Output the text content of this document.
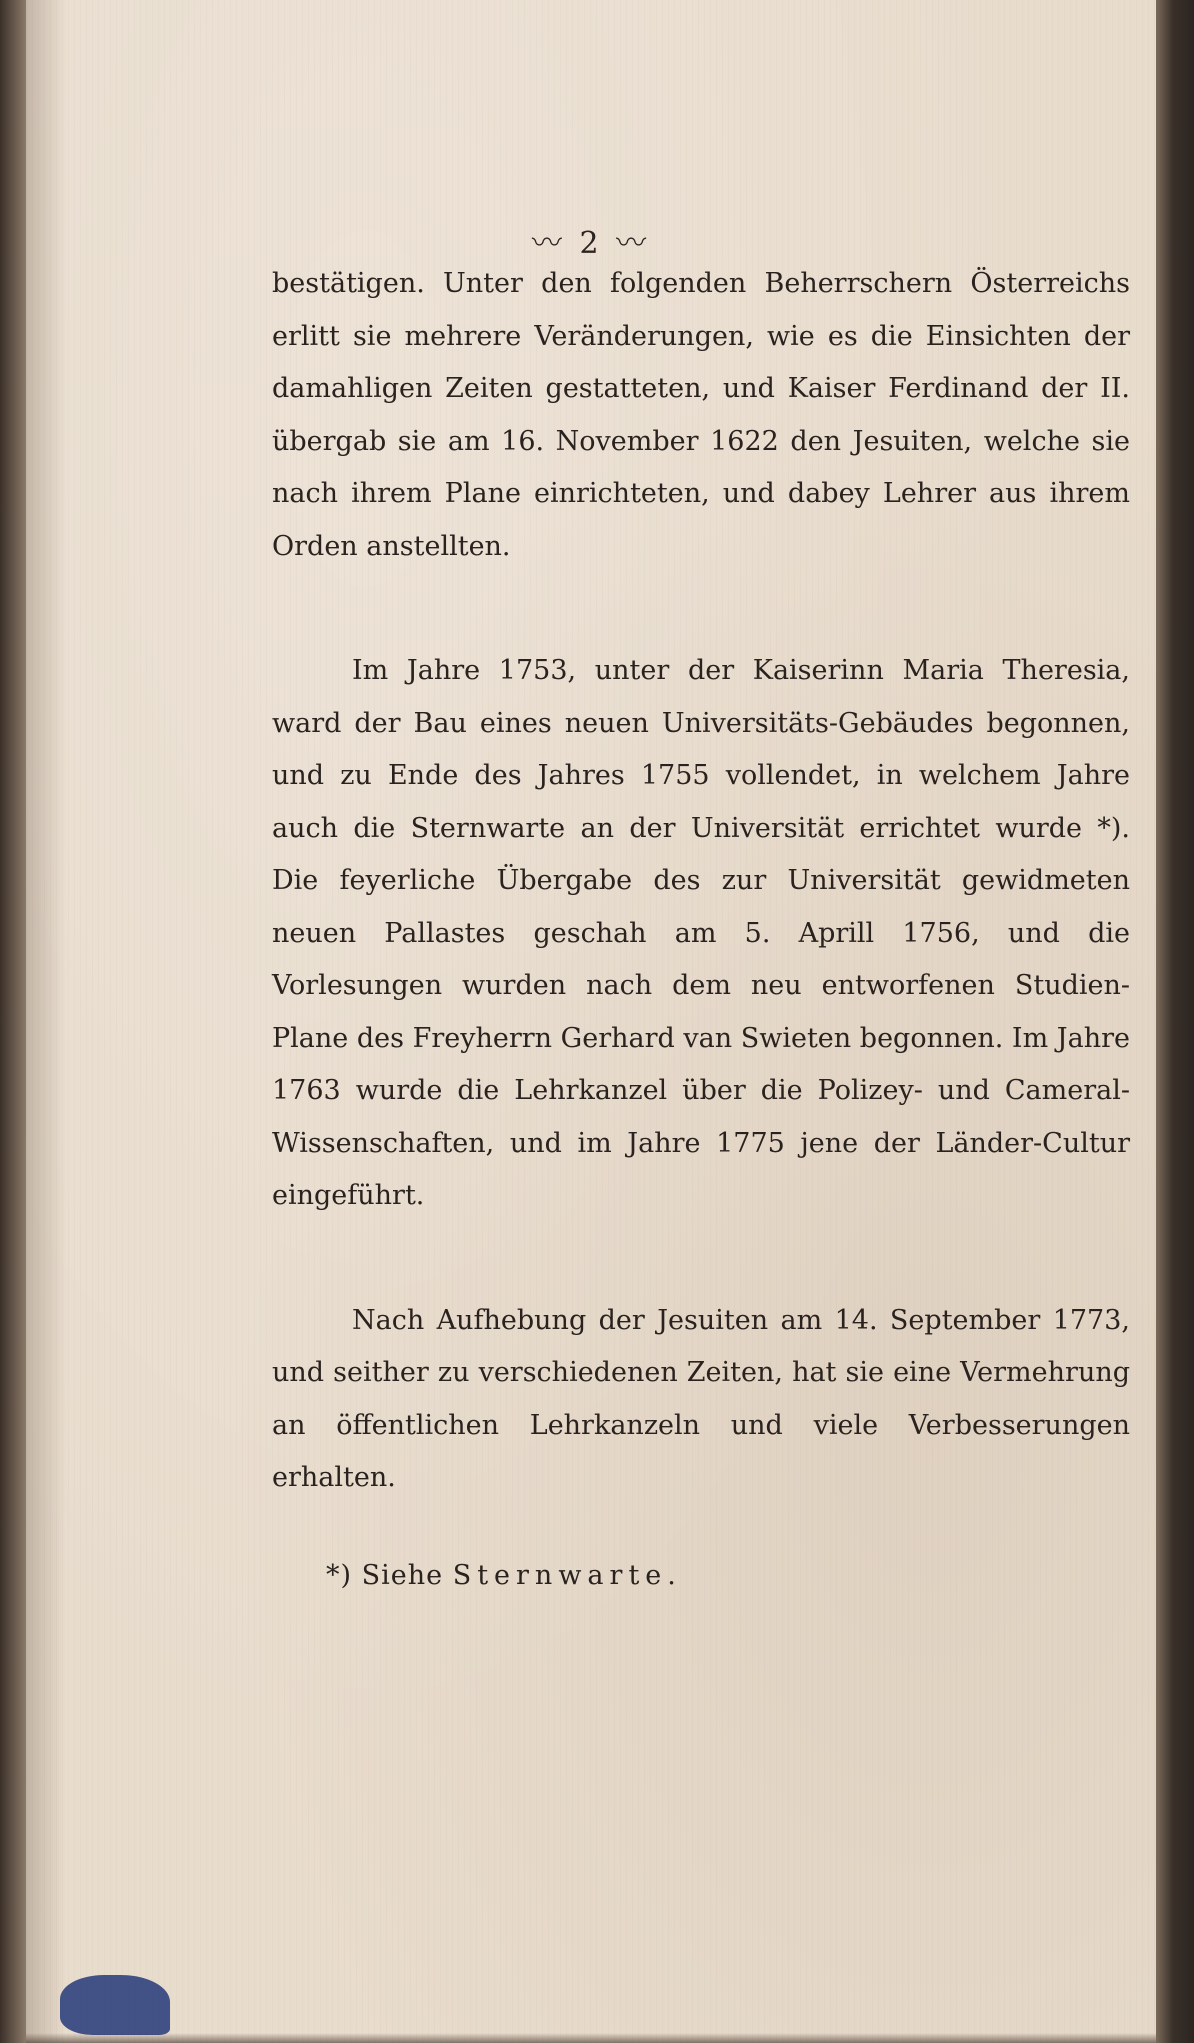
〰 2 〰

bestätigen. Unter den folgenden Beherrschern Österreichs erlitt sie mehrere Veränderungen, wie es die Einsichten der damahligen Zeiten gestatteten, und Kaiser Ferdinand der II. übergab sie am 16. November 1622 den Jesuiten, welche sie nach ihrem Plane einrichteten, und dabey Lehrer aus ihrem Orden anstellten.

Im Jahre 1753, unter der Kaiserinn Maria Theresia, ward der Bau eines neuen Universitäts-Gebäudes begonnen, und zu Ende des Jahres 1755 vollendet, in welchem Jahre auch die Sternwarte an der Universität errichtet wurde *). Die feyerliche Übergabe des zur Universität gewidmeten neuen Pallastes geschah am 5. Aprill 1756, und die Vorlesungen wurden nach dem neu entworfenen Studien-Plane des Freyherrn Gerhard van Swieten begonnen. Im Jahre 1763 wurde die Lehrkanzel über die Polizey- und Cameral-Wissenschaften, und im Jahre 1775 jene der Länder-Cultur eingeführt.

Nach Aufhebung der Jesuiten am 14. September 1773, und seither zu verschiedenen Zeiten, hat sie eine Vermehrung an öffentlichen Lehrkanzeln und viele Verbesserungen erhalten.

*) Siehe Sternwarte.
